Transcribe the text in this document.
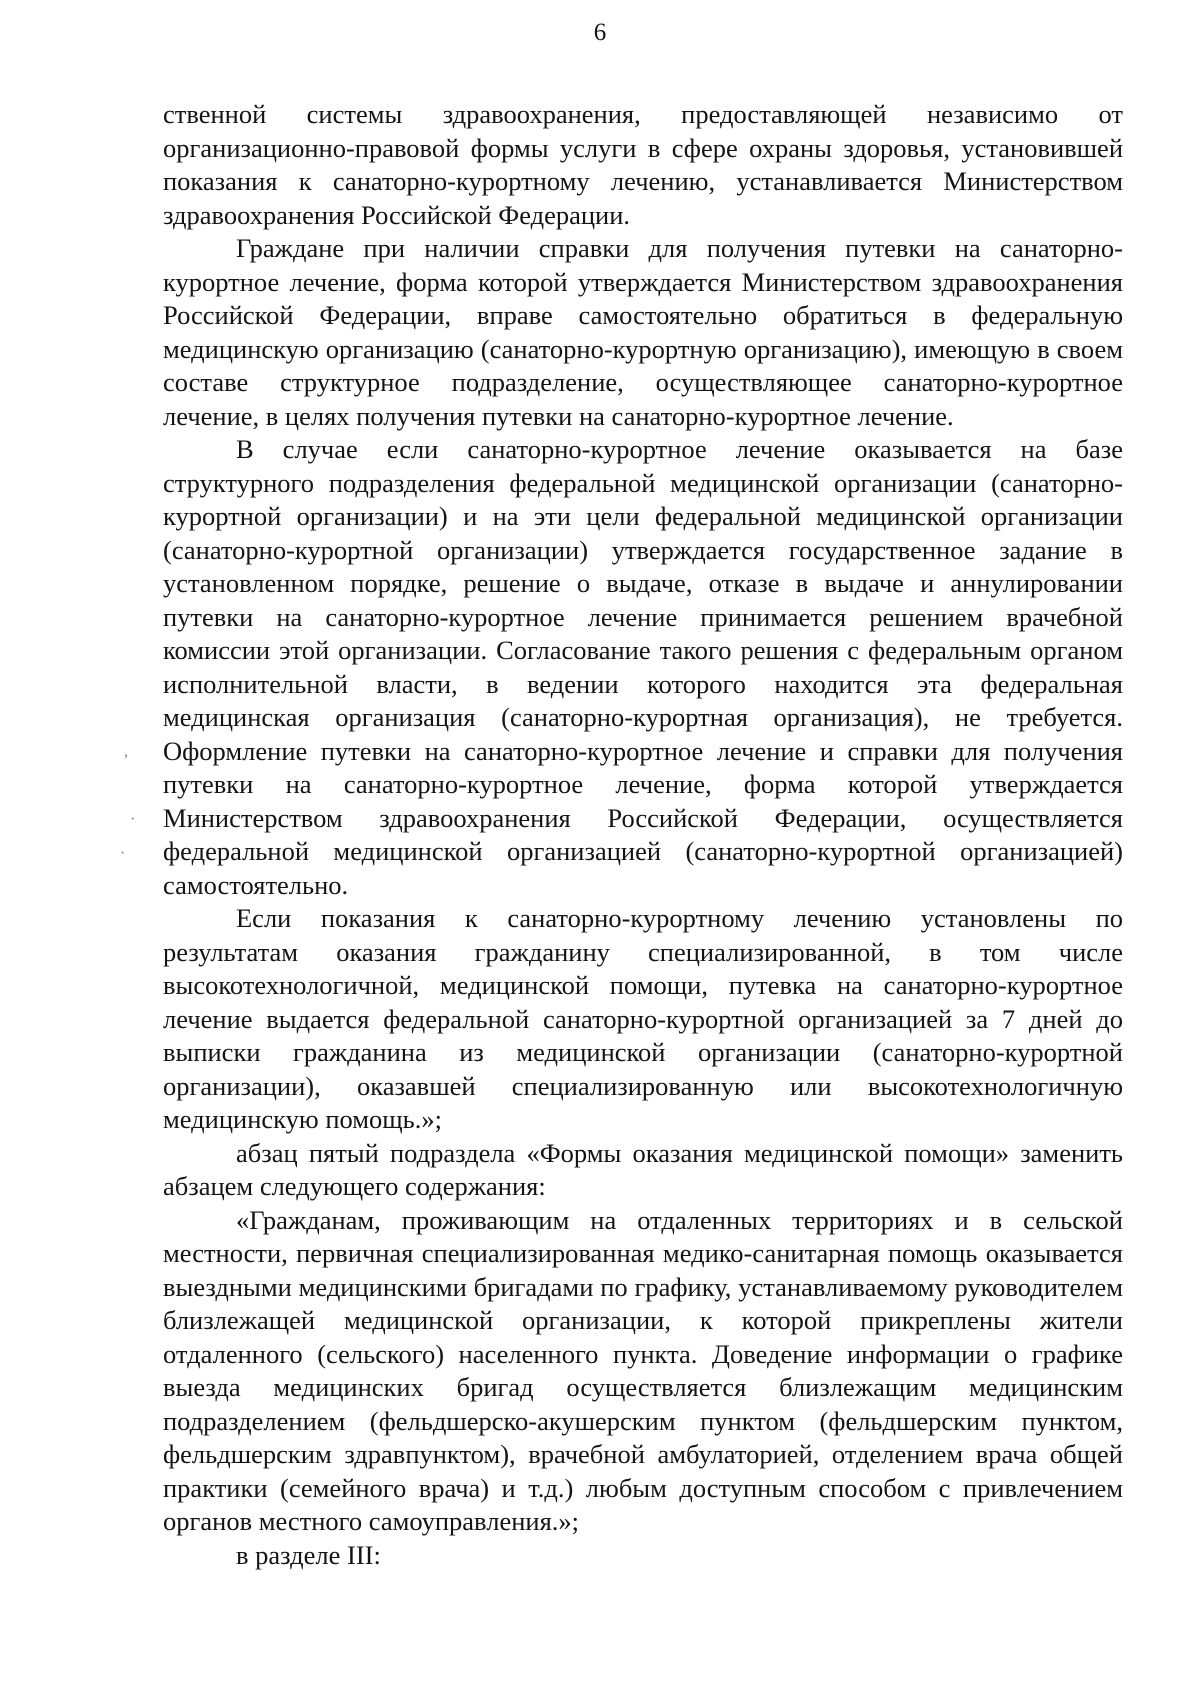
6

ственной системы здравоохранения, предоставляющей независимо от организационно-правовой формы услуги в сфере охраны здоровья, установившей показания к санаторно-курортному лечению, устанавливается Министерством здравоохранения Российской Федерации.

Граждане при наличии справки для получения путевки на санаторно-курортное лечение, форма которой утверждается Министерством здравоохранения Российской Федерации, вправе самостоятельно обратиться в федеральную медицинскую организацию (санаторно-курортную организацию), имеющую в своем составе структурное подразделение, осуществляющее санаторно-курортное лечение, в целях получения путевки на санаторно-курортное лечение.

В случае если санаторно-курортное лечение оказывается на базе структурного подразделения федеральной медицинской организации (санаторно-курортной организации) и на эти цели федеральной медицинской организации (санаторно-курортной организации) утверждается государственное задание в установленном порядке, решение о выдаче, отказе в выдаче и аннулировании путевки на санаторно-курортное лечение принимается решением врачебной комиссии этой организации. Согласование такого решения с федеральным органом исполнительной власти, в ведении которого находится эта федеральная медицинская организация (санаторно-курортная организация), не требуется. Оформление путевки на санаторно-курортное лечение и справки для получения путевки на санаторно-курортное лечение, форма которой утверждается Министерством здравоохранения Российской Федерации, осуществляется федеральной медицинской организацией (санаторно-курортной организацией) самостоятельно.

Если показания к санаторно-курортному лечению установлены по результатам оказания гражданину специализированной, в том числе высокотехнологичной, медицинской помощи, путевка на санаторно-курортное лечение выдается федеральной санаторно-курортной организацией за 7 дней до выписки гражданина из медицинской организации (санаторно-курортной организации), оказавшей специализированную или высокотехнологичную медицинскую помощь.»;

абзац пятый подраздела «Формы оказания медицинской помощи» заменить абзацем следующего содержания:

«Гражданам, проживающим на отдаленных территориях и в сельской местности, первичная специализированная медико-санитарная помощь оказывается выездными медицинскими бригадами по графику, устанавливаемому руководителем близлежащей медицинской организации, к которой прикреплены жители отдаленного (сельского) населенного пункта. Доведение информации о графике выезда медицинских бригад осуществляется близлежащим медицинским подразделением (фельдшерско-акушерским пунктом (фельдшерским пунктом, фельдшерским здравпунктом), врачебной амбулаторией, отделением врача общей практики (семейного врача) и т.д.) любым доступным способом с привлечением органов местного самоуправления.»;

в разделе III:

,
·
·
